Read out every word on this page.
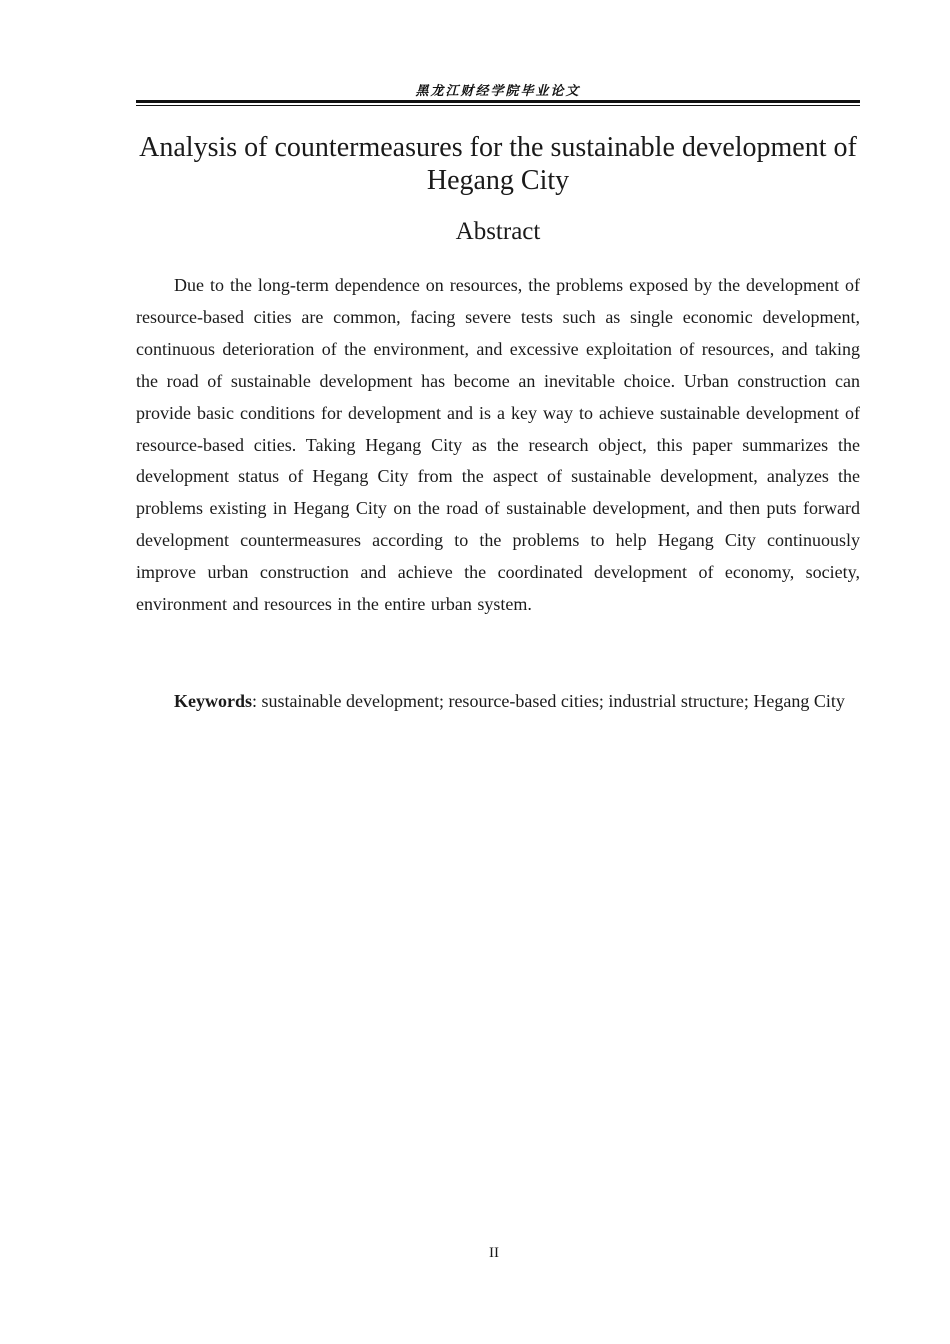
黑龙江财经学院毕业论文
Analysis of countermeasures for the sustainable development of Hegang City
Abstract

Due to the long-term dependence on resources, the problems exposed by the development of resource-based cities are common, facing severe tests such as single economic development, continuous deterioration of the environment, and excessive exploitation of resources, and taking the road of sustainable development has become an inevitable choice. Urban construction can provide basic conditions for development and is a key way to achieve sustainable development of resource-based cities. Taking Hegang City as the research object, this paper summarizes the development status of Hegang City from the aspect of sustainable development, analyzes the problems existing in Hegang City on the road of sustainable development, and then puts forward development countermeasures according to the problems to help Hegang City continuously improve urban construction and achieve the coordinated development of economy, society, environment and resources in the entire urban system.

Keywords: sustainable development; resource-based cities; industrial structure; Hegang City

II
